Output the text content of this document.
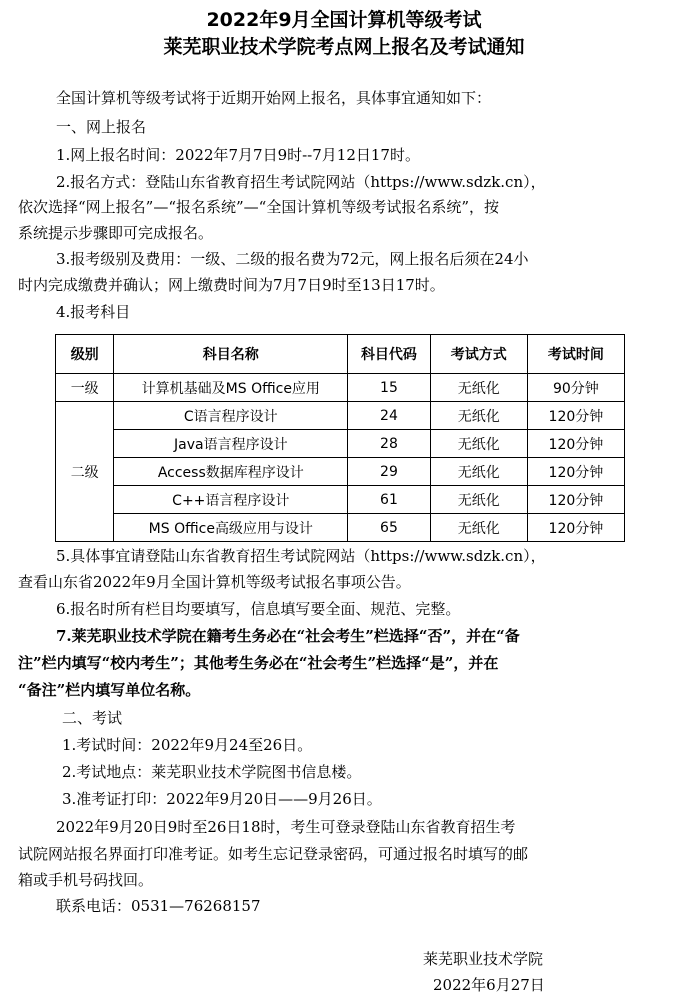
2022年9月全国计算机等级考试
莱芜职业技术学院考点网上报名及考试通知
全国计算机等级考试将于近期开始网上报名，具体事宜通知如下：
一、网上报名
1.网上报名时间：2022年7月7日9时--7月12日17时。
2.报名方式：登陆山东省教育招生考试院网站（https://www.sdzk.cn），
依次选择“网上报名”—“报名系统”—“全国计算机等级考试报名系统”，按
系统提示步骤即可完成报名。
3.报考级别及费用：一级、二级的报名费为72元，网上报名后须在24小
时内完成缴费并确认；网上缴费时间为7月7日9时至13日17时。
4.报考科目
级别	科目名称	科目代码	考试方式	考试时间
一级	计算机基础及MS Office应用	15	无纸化	90分钟
二级	C语言程序设计	24	无纸化	120分钟
	Java语言程序设计	28	无纸化	120分钟
	Access数据库程序设计	29	无纸化	120分钟
	C++语言程序设计	61	无纸化	120分钟
	MS Office高级应用与设计	65	无纸化	120分钟
5.具体事宜请登陆山东省教育招生考试院网站（https://www.sdzk.cn），
查看山东省2022年9月全国计算机等级考试报名事项公告。
6.报名时所有栏目均要填写，信息填写要全面、规范、完整。
7.莱芜职业技术学院在籍考生务必在“社会考生”栏选择“否”，并在“备
注”栏内填写“校内考生”；其他考生务必在“社会考生”栏选择“是”，并在
“备注”栏内填写单位名称。
二、考试
1.考试时间：2022年9月24至26日。
2.考试地点：莱芜职业技术学院图书信息楼。
3.准考证打印：2022年9月20日——9月26日。
2022年9月20日9时至26日18时，考生可登录登陆山东省教育招生考
试院网站报名界面打印准考证。如考生忘记登录密码，可通过报名时填写的邮
箱或手机号码找回。
联系电话：0531—76268157
莱芜职业技术学院
2022年6月27日
